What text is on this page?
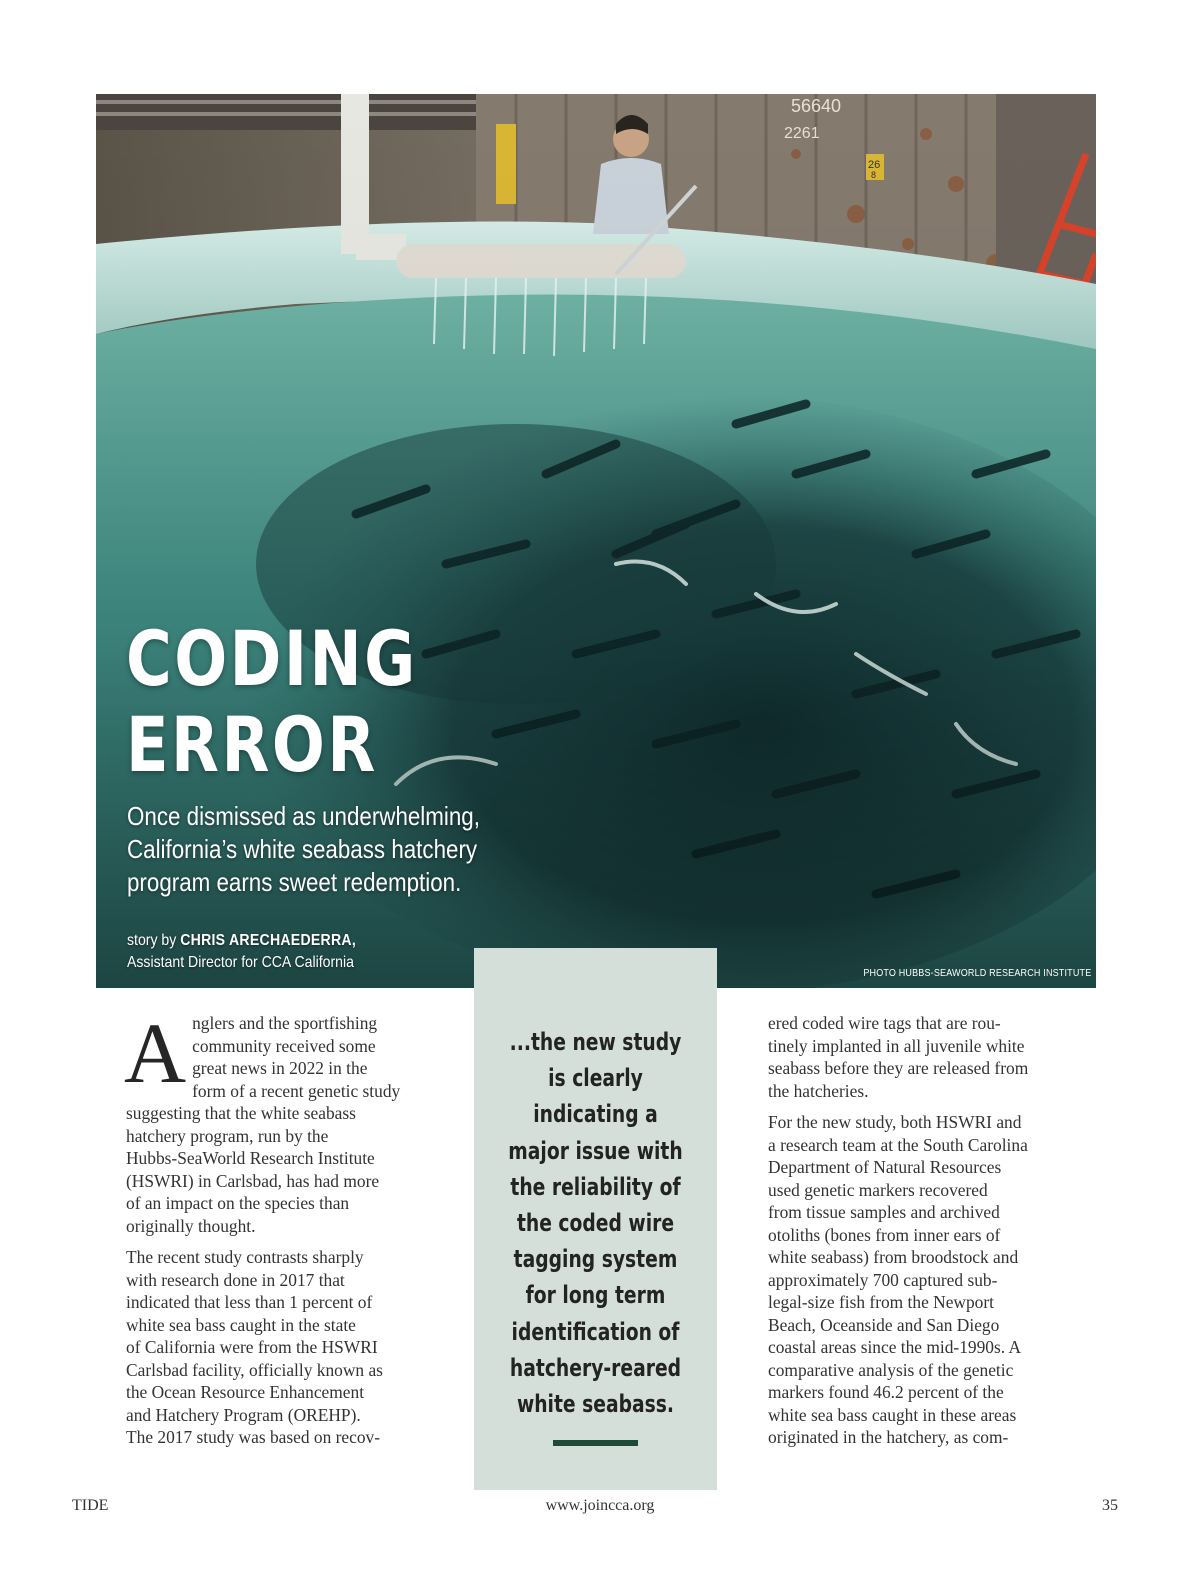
CODING
ERROR

Once dismissed as underwhelming,
California’s white seabass hatchery
program earns sweet redemption.

story by CHRIS ARECHAEDERRA,
Assistant Director for CCA California
PHOTO HUBBS-SEAWORLD RESEARCH INSTITUTE
...the new study
is clearly
indicating a
major issue with
the reliability of
the coded wire
tagging system
for long term
identification of
hatchery-reared
white seabass.

A nglers and the sportfishing
community received some
great news in 2022 in the
form of a recent genetic study
suggesting that the white seabass
hatchery program, run by the
Hubbs-SeaWorld Research Institute
(HSWRI) in Carlsbad, has had more
of an impact on the species than
originally thought.

The recent study contrasts sharply
with research done in 2017 that
indicated that less than 1 percent of
white sea bass caught in the state
of California were from the HSWRI
Carlsbad facility, officially known as
the Ocean Resource Enhancement
and Hatchery Program (OREHP).
The 2017 study was based on recov-

ered coded wire tags that are rou-
tinely implanted in all juvenile white
seabass before they are released from
the hatcheries.

For the new study, both HSWRI and
a research team at the South Carolina
Department of Natural Resources
used genetic markers recovered
from tissue samples and archived
otoliths (bones from inner ears of
white seabass) from broodstock and
approximately 700 captured sub-
legal-size fish from the Newport
Beach, Oceanside and San Diego
coastal areas since the mid-1990s. A
comparative analysis of the genetic
markers found 46.2 percent of the
white sea bass caught in these areas
originated in the hatchery, as com-

TIDE	www.joincca.org	35
